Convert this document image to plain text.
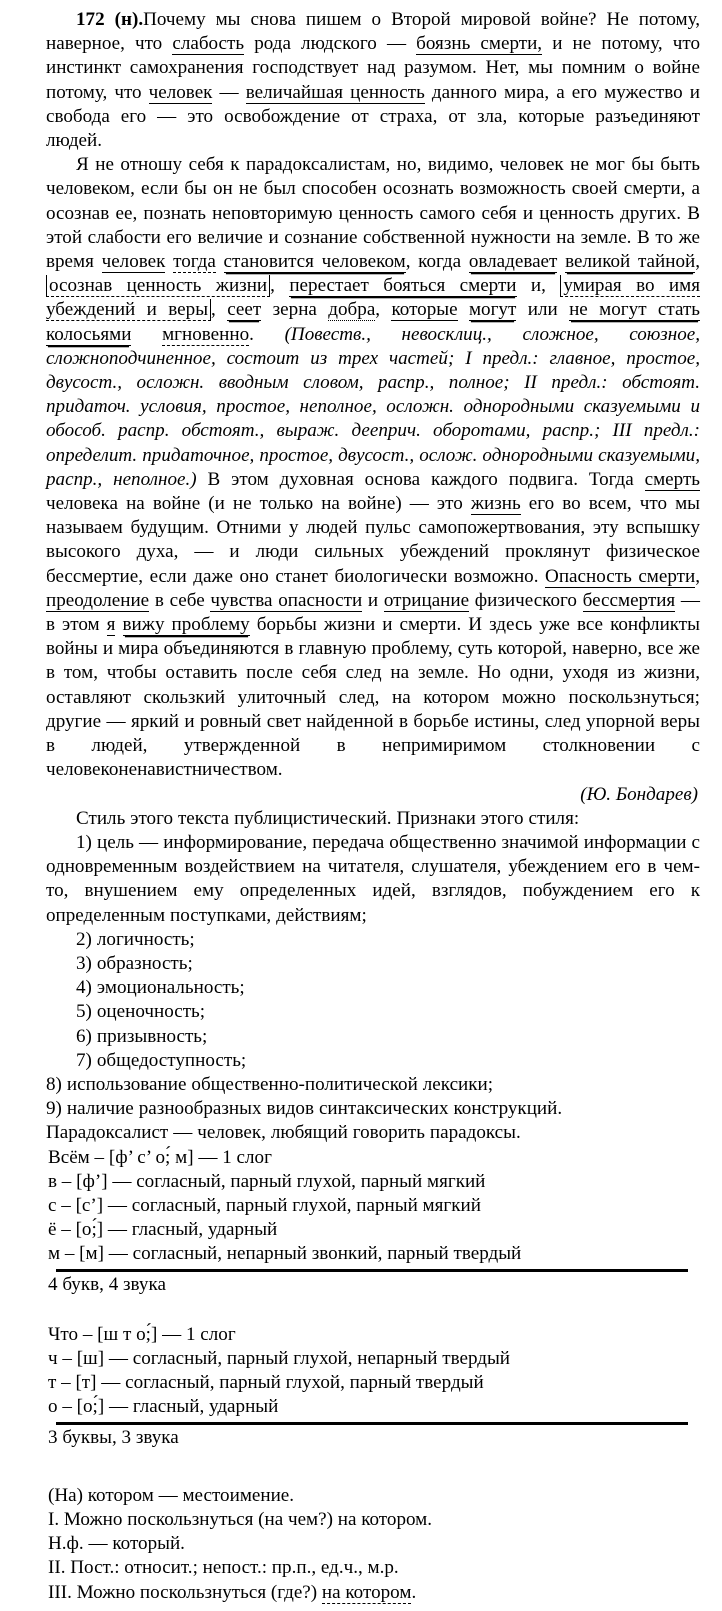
172 (н).Почему мы снова пишем о Второй мировой войне? Не потому, наверное, что слабость рода людского — боязнь смерти, и не потому, что инстинкт самохранения господствует над разумом. Нет, мы помним о войне потому, что человек — величайшая ценность данного мира, а его мужество и свобода его — это освобождение от страха, от зла, которые разъединяют людей.

Я не отношу себя к парадоксалистам, но, видимо, человек не мог бы быть человеком, если бы он не был способен осознать возможность своей смерти, а осознав ее, познать неповторимую ценность самого себя и ценность других. В этой слабости его величие и сознание собственной нужности на земле. В то же время человек тогда становится человеком, когда овладевает великой тайной, осознав ценность жизни , перестает бояться смерти и, умирая во имя убеждений и веры , сеет зерна добра, которые могут или не могут стать колосьями мгновенно. (Повеств., невосклиц., сложное, союзное, сложноподчиненное, состоит из трех частей; I предл.: главное, простое, двусост., осложн. вводным словом, распр., полное; II предл.: обстоят. придаточ. условия, простое, неполное, осложн. однородными сказуемыми и обособ. распр. обстоят., выраж. дееприч. оборотами, распр.; III предл.: определит. придаточное, простое, двусост., ослож. однородными сказуемыми, распр., неполное.) В этом духовная основа каждого подвига. Тогда смерть человека на войне (и не только на войне) — это жизнь его во всем, что мы называем будущим. Отними у людей пульс самопожертвования, эту вспышку высокого духа, — и люди сильных убеждений проклянут физическое бессмертие, если даже оно станет биологически возможно. Опасность смерти, преодоление в себе чувства опасности и отрицание физического бессмертия — в этом я вижу проблему борьбы жизни и смерти. И здесь уже все конфликты войны и мира объединяются в главную проблему, суть которой, наверно, все же в том, чтобы оставить после себя след на земле. Но одни, уходя из жизни, оставляют скользкий улиточный след, на котором можно поскользнуться; другие — яркий и ровный свет найденной в борьбе истины, след упорной веры в людей, утвержденной в непримиримом столкновении с человеконенавистничеством.

(Ю. Бондарев)

Стиль этого текста публицистический. Признаки этого стиля:

1) цель — информирование, передача общественно значимой информации с одновременным воздействием на читателя, слушателя, убеждением его в чем-то, внушением ему определенных идей, взглядов, побуждением его к определенным поступками, действиям;

2) логичность;

3) образность;

4) эмоциональность;

5) оценочность;

6) призывность;

7) общедоступность;

8) использование общественно-политической лексики;

9) наличие разнообразных видов синтаксических конструкций.

Парадоксалист — человек, любящий говорить парадоксы.

Всём – [ф’ с’ о;́ м] — 1 слог

в – [ф’] — согласный, парный глухой, парный мягкий

с – [с’] — согласный, парный глухой, парный мягкий

ё – [о;́] — гласный, ударный

м – [м] — согласный, непарный звонкий, парный твердый

4 букв, 4 звука

Что – [ш т о;́] — 1 слог

ч – [ш] — согласный, парный глухой, непарный твердый

т – [т] — согласный, парный глухой, парный твердый

о – [о;́] — гласный, ударный

3 буквы, 3 звука

(На) котором — местоимение.

I. Можно поскользнуться (на чем?) на котором.

Н.ф. — который.

II. Пост.: относит.; непост.: пр.п., ед.ч., м.р.

III. Можно поскользнуться (где?) на котором.
